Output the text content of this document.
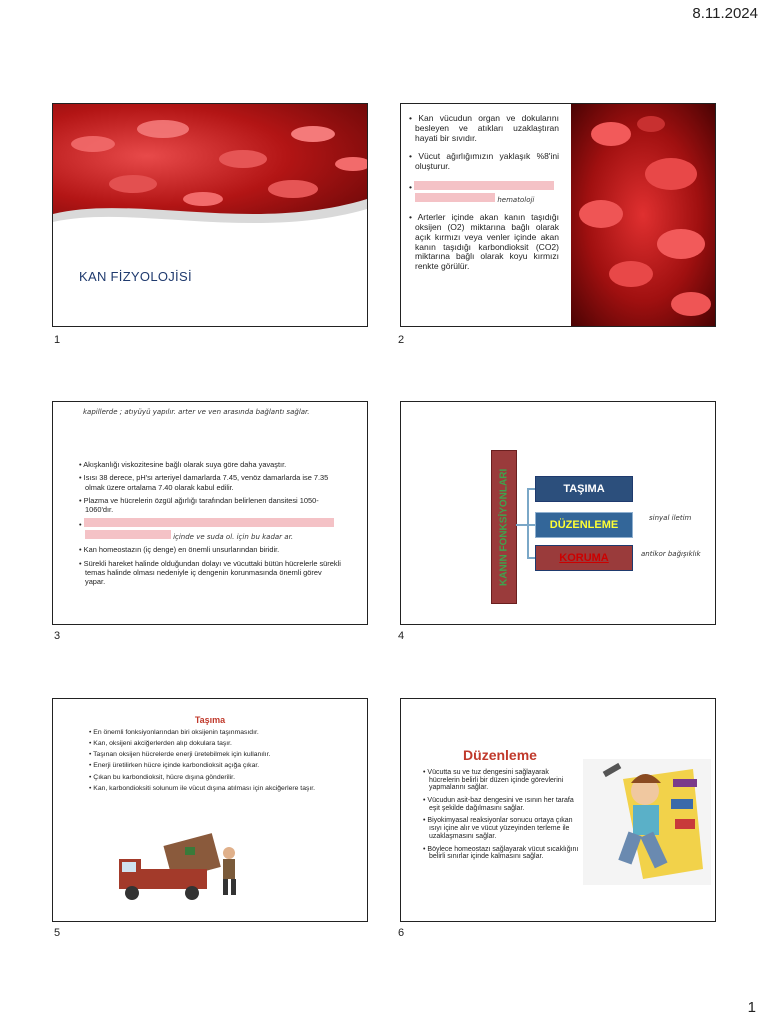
8.11.2024
KAN FİZYOLOJİSİ
1

• Kan vücudun organ ve dokularını besleyen ve atıkları uzaklaştıran hayati bir sıvıdır.

• Vücut ağırlığımızın yaklaşık %8'ini oluşturur.

•
hematoloji

• Arterler içinde akan kanın taşıdığı oksijen (O2) miktarına bağlı olarak açık kırmızı veya venler içinde akan kanın taşıdığı karbondioksit (CO2) miktarına bağlı olarak koyu kırmızı renkte görülür.

2
kapillerde ; atıyüyü yapılır. arter ve ven arasında bağlantı sağlar.

• Akışkanlığı viskozitesine bağlı olarak suya göre daha yavaştır.

• Isısı 38 derece, pH'sı arteriyel damarlarda 7.45, venöz damarlarda ise 7.35 olmak üzere ortalama 7.40 olarak kabul edilir.

• Plazma ve hücrelerin özgül ağırlığı tarafından belirlenen dansitesi 1050-1060'dır.

•
içinde ve suda ol. için bu kadar ar.

• Kan homeostazın (iç denge) en önemli unsurlarından biridir.

• Sürekli hareket halinde olduğundan dolayı ve vücuttaki bütün hücrelerle sürekli temas halinde olması nedeniyle iç dengenin korunmasında önemli görev yapar.

3
KANIN FONKSİYONLARI	TAŞIMA
DÜZENLEME
KORUMA
sinyal iletim
antikor bağışıklık
4
Taşıma

• En önemli fonksiyonlarından biri oksijenin taşınmasıdır.

• Kan, oksijeni akciğerlerden alıp dokulara taşır.

• Taşınan oksijen hücrelerde enerji üretebilmek için kullanılır.

• Enerji üretilirken hücre içinde karbondioksit açığa çıkar.

• Çıkan bu karbondioksit, hücre dışına gönderilir.

• Kan, karbondioksiti solunum ile vücut dışına atılması için akciğerlere taşır.

5
Düzenleme

• Vücutta su ve tuz dengesini sağlayarak hücrelerin belirli bir düzen içinde görevlerini yapmalarını sağlar.

• Vücudun asit-baz dengesini ve ısının her tarafa eşit şekilde dağılmasını sağlar.

• Biyokimyasal reaksiyonlar sonucu ortaya çıkan ısıyı içine alır ve vücut yüzeyinden terleme ile uzaklaşmasını sağlar.

• Böylece homeostazı sağlayarak vücut sıcaklığını belirli sınırlar içinde kalmasını sağlar.

6
1
